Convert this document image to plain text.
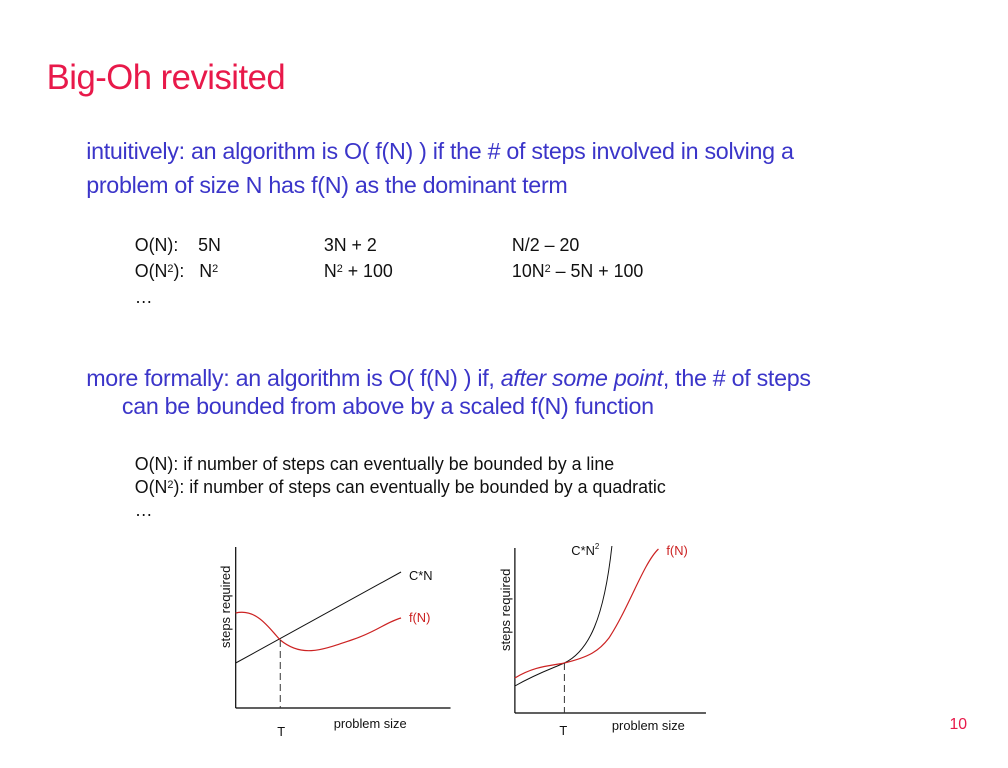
Big-Oh revisited
intuitively: an algorithm is O( f(N) ) if the # of steps involved in solving a
problem of size N has f(N) as the dominant term
O(N): 5N	3N + 2	N/2 – 20
$O(N^2)$: $N^2$	$N^2 + 100$	$10N^2 - 5N + 100$
…
more formally: an algorithm is O( f(N) ) if, after some point, the # of steps
can be bounded from above by a scaled f(N) function
O(N): if number of steps can eventually be bounded by a line
$O(N^2)$: if number of steps can eventually be bounded by a quadratic
…
steps required
problem size
T
C*N
f(N)	steps required
problem size
T
$C*N^2$	f(N)
10
